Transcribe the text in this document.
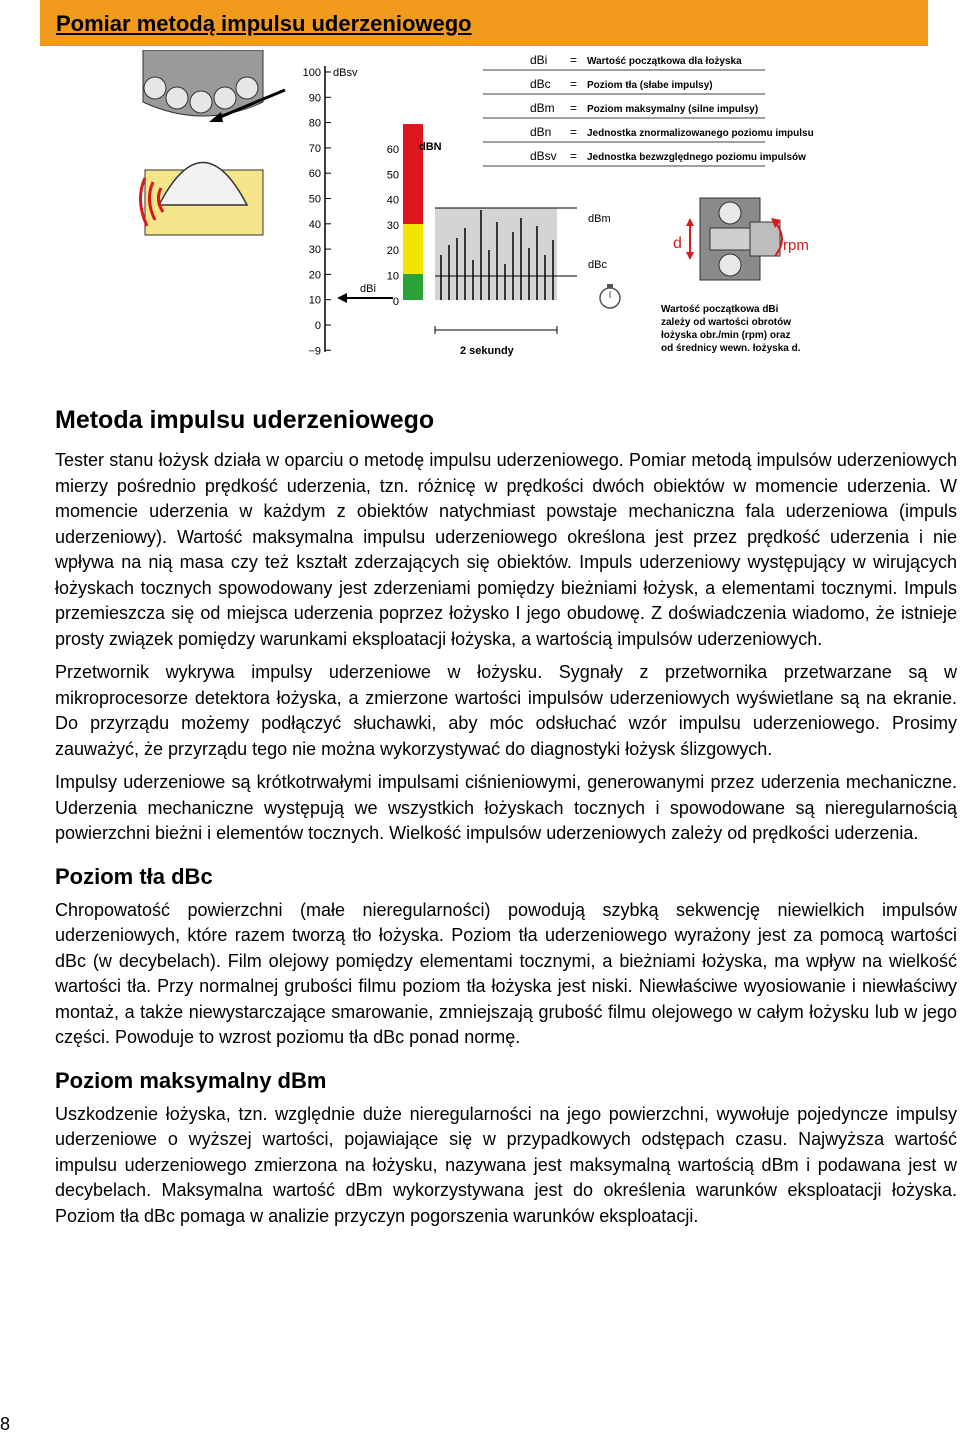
Pomiar metodą impulsu uderzeniowego
dBsv
100
90
80
70
60
50
40
30
20
10
0
−9
dBN
60
50
40
30
20
10
0
dBm
dBc
dBi
2 sekundy
dBi = Wartość początkowa dla łożyska
dBc = Poziom tła (słabe impulsy)
dBm = Poziom maksymalny (silne impulsy)
dBn = Jednostka znormalizowanego poziomu impulsu
dBsv = Jednostka bezwzględnego poziomu impulsów
d	rpm
Wartość początkowa dBi
zależy od wartości obrotów
łożyska obr./min (rpm) oraz
od średnicy wewn. łożyska d.
Metoda impulsu uderzeniowego

Tester stanu łożysk działa w oparciu o metodę impulsu uderzeniowego. Pomiar metodą impulsów uderzeniowych mierzy pośrednio prędkość uderzenia, tzn. różnicę w prędkości dwóch obiektów w momencie uderzenia. W momencie uderzenia w każdym z obiektów natychmiast powstaje mechaniczna fala uderzeniowa (impuls uderzeniowy). Wartość maksymalna impulsu uderzeniowego określona jest przez prędkość uderzenia i nie wpływa na nią masa czy też kształt zderzających się obiektów. Impuls uderzeniowy występujący w wirujących łożyskach tocznych spowodowany jest zderzeniami pomiędzy bieżniami łożysk, a elementami tocznymi. Impuls przemieszcza się od miejsca uderzenia poprzez łożysko I jego obudowę. Z doświadczenia wiadomo, że istnieje prosty związek pomiędzy warunkami eksploatacji łożyska, a wartością impulsów uderzeniowych.

Przetwornik wykrywa impulsy uderzeniowe w łożysku. Sygnały z przetwornika przetwarzane są w mikroprocesorze detektora łożyska, a zmierzone wartości impulsów uderzeniowych wyświetlane są na ekranie. Do przyrządu możemy podłączyć słuchawki, aby móc odsłuchać wzór impulsu uderzeniowego. Prosimy zauważyć, że przyrządu tego nie można wykorzystywać do diagnostyki łożysk ślizgowych.

Impulsy uderzeniowe są krótkotrwałymi impulsami ciśnieniowymi, generowanymi przez uderzenia mechaniczne. Uderzenia mechaniczne występują we wszystkich łożyskach tocznych i spowodowane są nieregularnością powierzchni bieżni i elementów tocznych. Wielkość impulsów uderzeniowych zależy od prędkości uderzenia.

Poziom tła dBc

Chropowatość powierzchni (małe nieregularności) powodują szybką sekwencję niewielkich impulsów uderzeniowych, które razem tworzą tło łożyska. Poziom tła uderzeniowego wyrażony jest za pomocą wartości dBc (w decybelach). Film olejowy pomiędzy elementami tocznymi, a bieżniami łożyska, ma wpływ na wielkość wartości tła. Przy normalnej grubości filmu poziom tła łożyska jest niski. Niewłaściwe wyosiowanie i niewłaściwy montaż, a także niewystarczające smarowanie, zmniejszają grubość filmu olejowego w całym łożysku lub w jego części. Powoduje to wzrost poziomu tła dBc ponad normę.

Poziom maksymalny dBm

Uszkodzenie łożyska, tzn. względnie duże nieregularności na jego powierzchni, wywołuje pojedyncze impulsy uderzeniowe o wyższej wartości, pojawiające się w przypadkowych odstępach czasu. Najwyższa wartość impulsu uderzeniowego zmierzona na łożysku, nazywana jest maksymalną wartością dBm i podawana jest w decybelach. Maksymalna wartość dBm wykorzystywana jest do określenia warunków eksploatacji łożyska. Poziom tła dBc pomaga w analizie przyczyn pogorszenia warunków eksploatacji.

8
